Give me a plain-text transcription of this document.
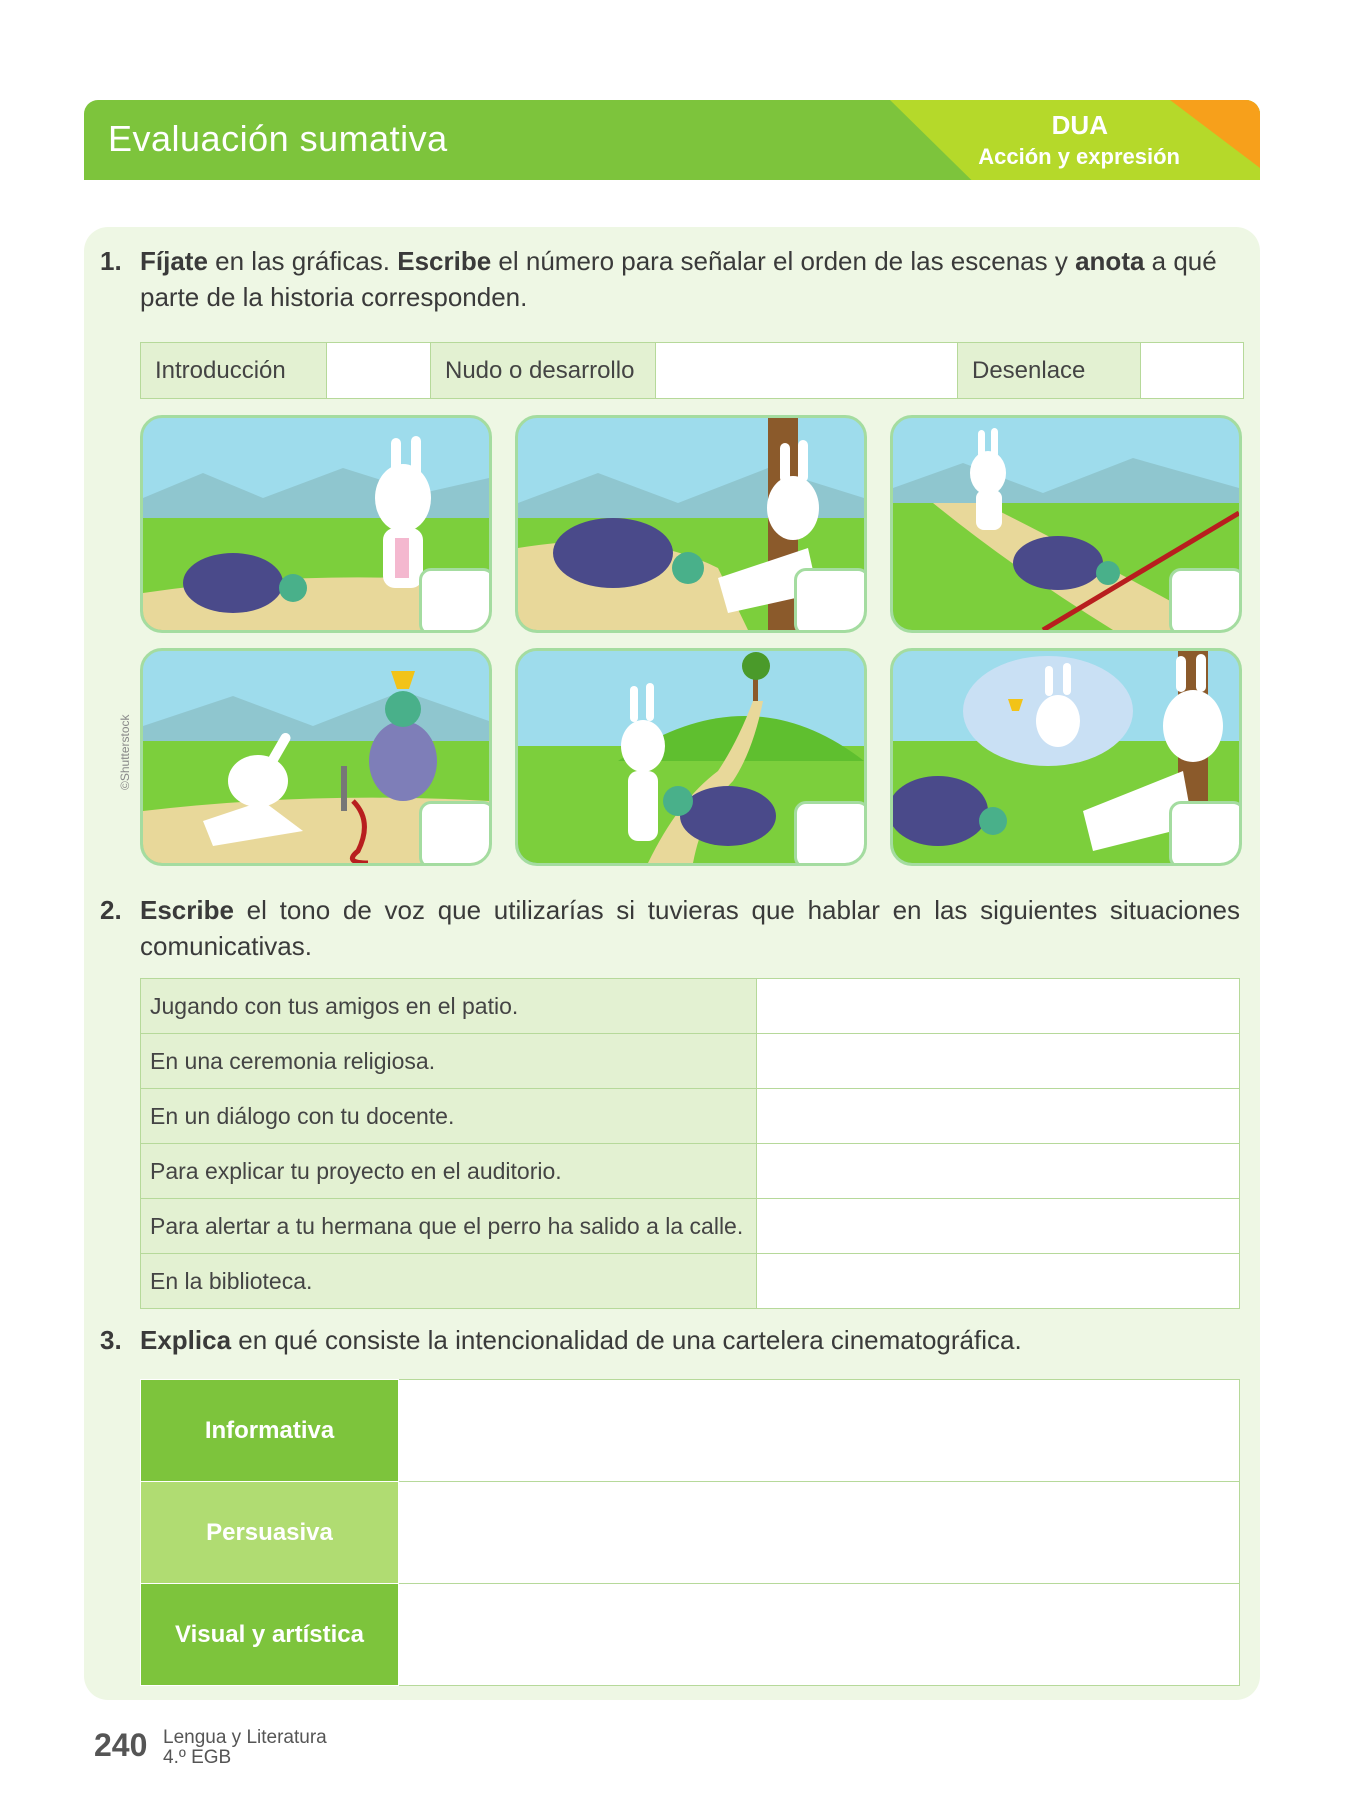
Evaluación sumativa	DUA
Acción y expresión
1. Fíjate en las gráficas. Escribe el número para señalar el orden de las escenas y anota a qué parte de la historia corresponden.
Introducción	Nudo o desarrollo	Desenlace
©Shutterstock
2. Escribe el tono de voz que utilizarías si tuvieras que hablar en las siguientes situaciones comunicativas.
Jugando con tus amigos en el patio.	
En una ceremonia religiosa.	
En un diálogo con tu docente.	
Para explicar tu proyecto en el auditorio.	
Para alertar a tu hermana que el perro ha salido a la calle.	
En la biblioteca.	
3. Explica en qué consiste la intencionalidad de una cartelera cinematográfica.
Informativa	
Persuasiva	
Visual y artística	
240 Lengua y Literatura
4.º EGB
